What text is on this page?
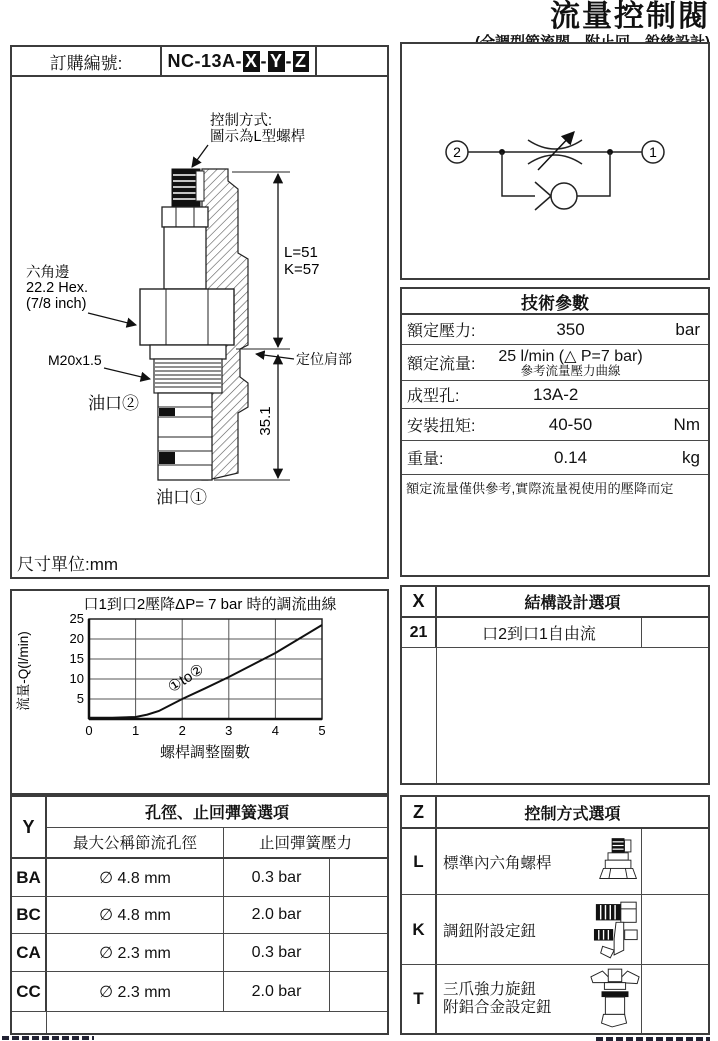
流量控制閥
訂購編號:	NC-13A- X - Y - Z
控制方式:
圖示為L型螺桿
六角邊
22.2 Hex.
(7/8 inch)
M20x1.5
油口②
油口①
L=51
K=57
定位肩部
35.1
尺寸單位:mm
2	1
技術參數
額定壓力:	350	bar
額定流量:	25 l/min (△ P=7 bar)
參考流量壓力曲線
成型孔:	13A-2
安裝扭矩:	40-50	Nm
重量:	0.14	kg
額定流量僅供參考,實際流量視使用的壓降而定
口1到口2壓降ΔP= 7 bar 時的調流曲線
25
20
15
10
5
0	1	2	3	4	5
流量-Q(l/min)
螺桿調整圈數
①to②
X	結構設計選項
21	口2到口1自由流
Y
孔徑、止回彈簧選項
最大公稱節流孔徑	止回彈簧壓力
BA	∅ 4.8 mm	0.3 bar
BC	∅ 4.8 mm	2.0 bar
CA	∅ 2.3 mm	0.3 bar
CC	∅ 2.3 mm	2.0 bar
Z	控制方式選項
L	標準內六角螺桿
K	調鈕附設定鈕
T	三爪強力旋鈕
附鋁合金設定鈕
